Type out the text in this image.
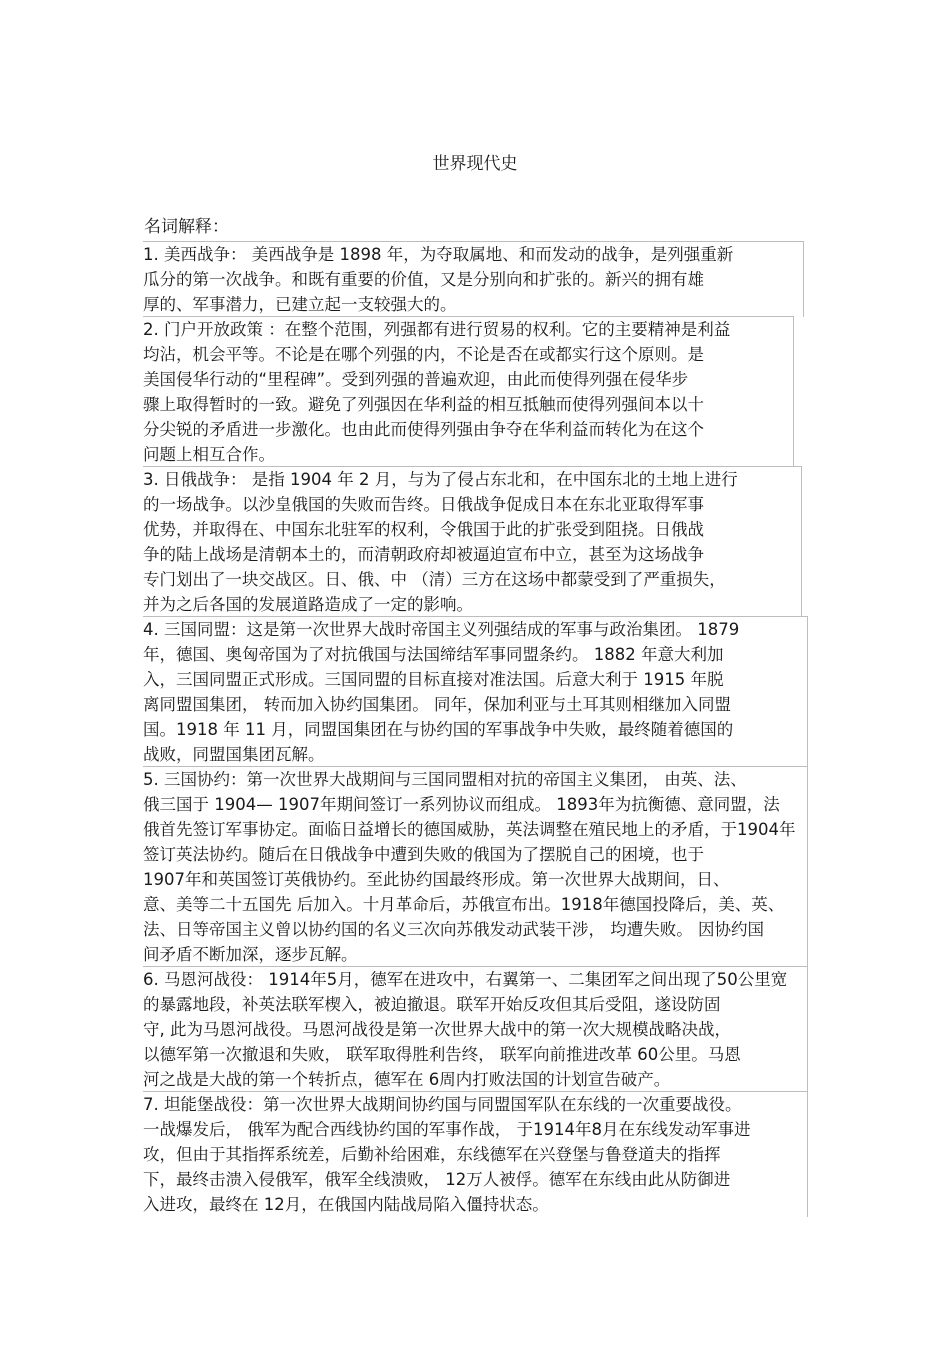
世界现代史
名词解释：
1. 美西战争： 美西战争是 1898 年，为夺取属地、和而发动的战争，是列强重新
瓜分的第一次战争。和既有重要的价值，又是分别向和扩张的。新兴的拥有雄
厚的、军事潜力，已建立起一支较强大的。
2. 门户开放政策 ：在整个范围，列强都有进行贸易的权利。它的主要精神是利益
均沾，机会平等。不论是在哪个列强的内，不论是否在或都实行这个原则。是
美国侵华行动的“里程碑”。受到列强的普遍欢迎，由此而使得列强在侵华步
骤上取得暂时的一致。避免了列强因在华利益的相互抵触而使得列强间本以十
分尖锐的矛盾进一步激化。也由此而使得列强由争夺在华利益而转化为在这个
问题上相互合作。
3. 日俄战争： 是指 1904 年 2 月，与为了侵占东北和，在中国东北的土地上进行
的一场战争。以沙皇俄国的失败而告终。日俄战争促成日本在东北亚取得军事
优势，并取得在、中国东北驻军的权利，令俄国于此的扩张受到阻挠。日俄战
争的陆上战场是清朝本土的，而清朝政府却被逼迫宣布中立，甚至为这场战争
专门划出了一块交战区。日、俄、中 （清）三方在这场中都蒙受到了严重损失，
并为之后各国的发展道路造成了一定的影响。
4. 三国同盟：这是第一次世界大战时帝国主义列强结成的军事与政治集团。 1879
年，德国、奥匈帝国为了对抗俄国与法国缔结军事同盟条约。 1882 年意大利加
入，三国同盟正式形成。三国同盟的目标直接对准法国。后意大利于 1915 年脱
离同盟国集团， 转而加入协约国集团。 同年，保加利亚与土耳其则相继加入同盟
国。1918 年 11 月，同盟国集团在与协约国的军事战争中失败，最终随着德国的
战败，同盟国集团瓦解。
5. 三国协约：第一次世界大战期间与三国同盟相对抗的帝国主义集团， 由英、法、
俄三国于 1904— 1907年期间签订一系列协议而组成。 1893年为抗衡德、意同盟，法
俄首先签订军事协定。面临日益增长的德国威胁，英法调整在殖民地上的矛盾，于1904年
签订英法协约。随后在日俄战争中遭到失败的俄国为了摆脱自己的困境，也于
1907年和英国签订英俄协约。至此协约国最终形成。第一次世界大战期间，日、
意、美等二十五国先 后加入。十月革命后，苏俄宣布出。1918年德国投降后，美、英、
法、日等帝国主义曾以协约国的名义三次向苏俄发动武装干涉， 均遭失败。 因协约国
间矛盾不断加深，逐步瓦解。
6. 马恩河战役： 1914年5月，德军在进攻中，右翼第一、二集团军之间出现了50公里宽
的暴露地段，补英法联军楔入，被迫撤退。联军开始反攻但其后受阻，遂设防固
守, 此为马恩河战役。马恩河战役是第一次世界大战中的第一次大规模战略决战，
以德军第一次撤退和失败， 联军取得胜利告终， 联军向前推进改革 60公里。马恩
河之战是大战的第一个转折点，德军在 6周内打败法国的计划宣告破产。
7. 坦能堡战役：第一次世界大战期间协约国与同盟国军队在东线的一次重要战役。
一战爆发后， 俄军为配合西线协约国的军事作战， 于1914年8月在东线发动军事进
攻，但由于其指挥系统差，后勤补给困难，东线德军在兴登堡与鲁登道夫的指挥
下，最终击溃入侵俄军，俄军全线溃败， 12万人被俘。德军在东线由此从防御进
入进攻，最终在 12月，在俄国内陆战局陷入僵持状态。
